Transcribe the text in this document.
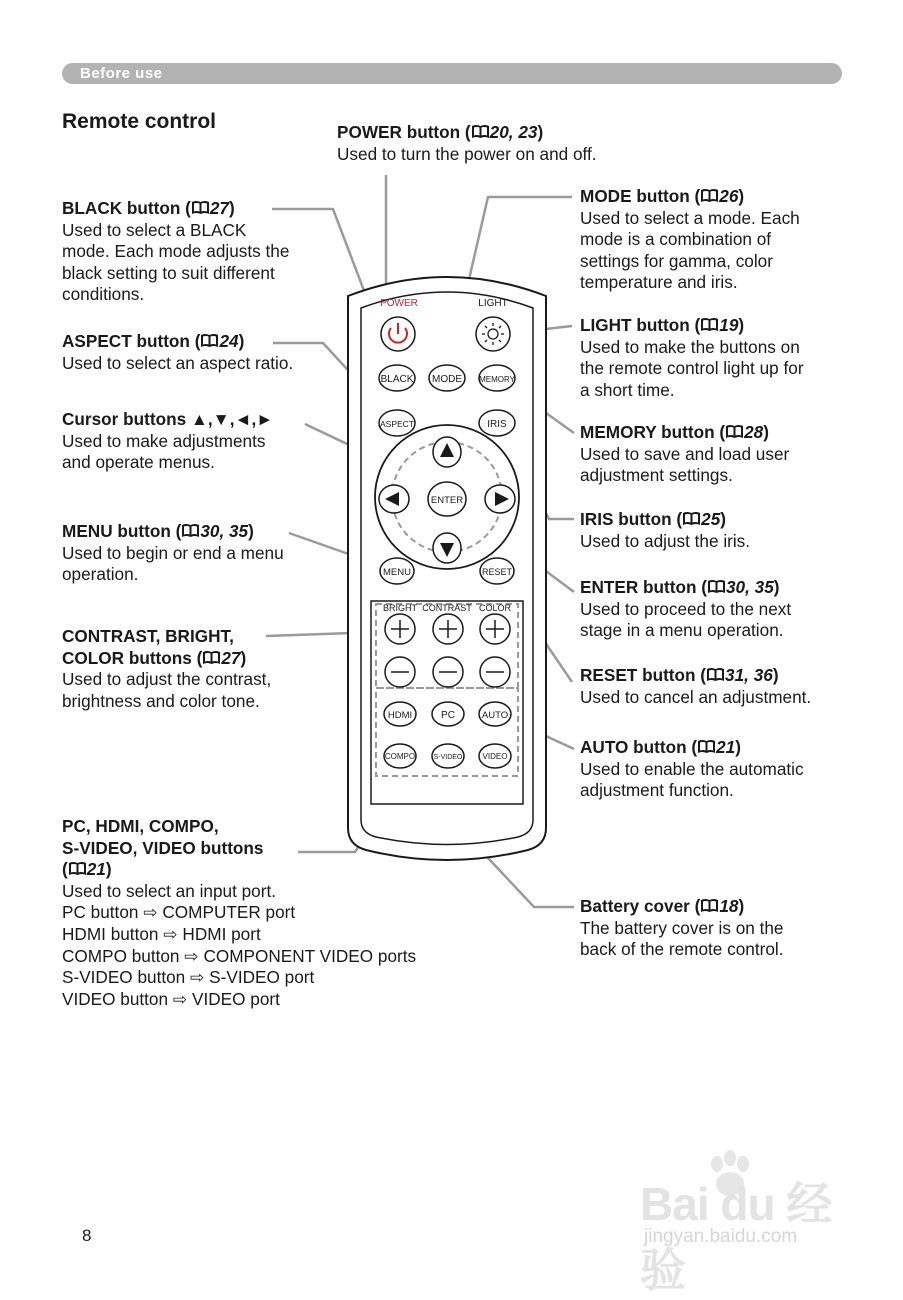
Before use
Remote control
POWER	LIGHT
BLACK MODE MEMORY
ASPECT	IRIS
ENTER
MENU	RESET
BRIGHT CONTRAST COLOR
HDMI	PC	AUTO
COMPO	S-VIDEO	VIDEO
BLACK button ( 27)
Used to select a BLACK
mode. Each mode adjusts the
black setting to suit different
conditions.
ASPECT button ( 24)
Used to select an aspect ratio.
Cursor buttons ▲,▼,◄,►
Used to make adjustments
and operate menus.
MENU button ( 30, 35)
Used to begin or end a menu
operation.
CONTRAST, BRIGHT,
COLOR buttons ( 27)
Used to adjust the contrast,
brightness and color tone.
PC, HDMI, COMPO,
S-VIDEO, VIDEO buttons
( 21)
Used to select an input port.
PC button ⇨ COMPUTER port
HDMI button ⇨ HDMI port
COMPO button ⇨ COMPONENT VIDEO ports
S-VIDEO button ⇨ S-VIDEO port
VIDEO button ⇨ VIDEO port
POWER button ( 20, 23)
Used to turn the power on and off.
MODE button ( 26)
Used to select a mode. Each
mode is a combination of
settings for gamma, color
temperature and iris.
LIGHT button ( 19)
Used to make the buttons on
the remote control light up for
a short time.
MEMORY button ( 28)
Used to save and load user
adjustment settings.
IRIS button ( 25)
Used to adjust the iris.
ENTER button ( 30, 35)
Used to proceed to the next
stage in a menu operation.
RESET button ( 31, 36)
Used to cancel an adjustment.
AUTO button ( 21)
Used to enable the automatic
adjustment function.
Battery cover ( 18)
The battery cover is on the
back of the remote control.
8
Bai du 经验
jingyan.baidu.com
